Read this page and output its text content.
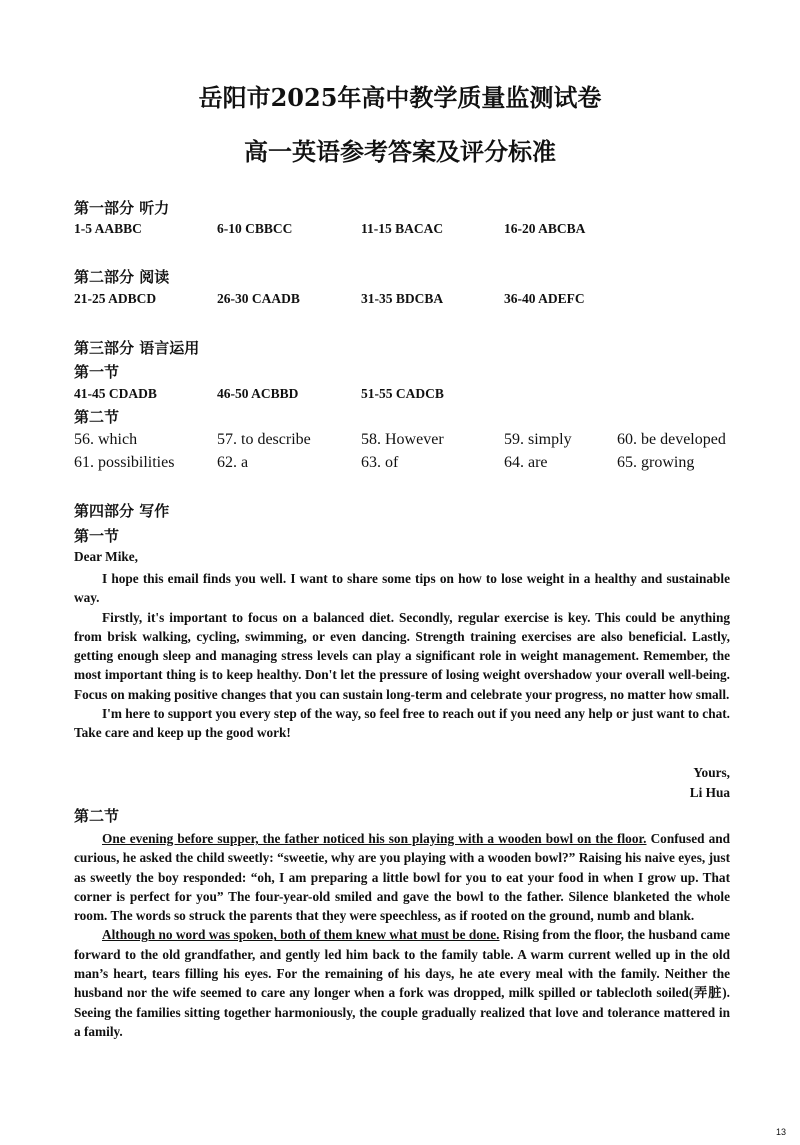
岳阳市2025年高中教学质量监测试卷
高一英语参考答案及评分标准
第一部分 听力
1-5 AABBC	6-10 CBBCC	11-15 BACAC	16-20 ABCBA
第二部分 阅读
21-25 ADBCD	26-30 CAADB	31-35 BDCBA	36-40 ADEFC
第三部分 语言运用
第一节
41-45 CDADB	46-50 ACBBD	51-55 CADCB
第二节
56. which	57. to describe	58. However	59. simply	60. be developed
61. possibilities	62. a	63. of	64. are	65. growing
第四部分 写作
第一节
Dear Mike,

I hope this email finds you well. I want to share some tips on how to lose weight in a healthy and sustainable way.

Firstly, it's important to focus on a balanced diet. Secondly, regular exercise is key. This could be anything from brisk walking, cycling, swimming, or even dancing. Strength training exercises are also beneficial. Lastly, getting enough sleep and managing stress levels can play a significant role in weight management. Remember, the most important thing is to keep healthy. Don't let the pressure of losing weight overshadow your overall well-being. Focus on making positive changes that you can sustain long-term and celebrate your progress, no matter how small.

I'm here to support you every step of the way, so feel free to reach out if you need any help or just want to chat. Take care and keep up the good work!

Yours,
Li Hua
第二节

One evening before supper, the father noticed his son playing with a wooden bowl on the floor. Confused and curious, he asked the child sweetly: “sweetie, why are you playing with a wooden bowl?” Raising his naive eyes, just as sweetly the boy responded: “oh, I am preparing a little bowl for you to eat your food in when I grow up. That corner is perfect for you” The four-year-old smiled and gave the bowl to the father. Silence blanketed the whole room. The words so struck the parents that they were speechless, as if rooted on the ground, numb and blank.

Although no word was spoken, both of them knew what must be done. Rising from the floor, the husband came forward to the old grandfather, and gently led him back to the family table. A warm current welled up in the old man’s heart, tears filling his eyes. For the remaining of his days, he ate every meal with the family. Neither the husband nor the wife seemed to care any longer when a fork was dropped, milk spilled or tablecloth soiled(弄脏). Seeing the families sitting together harmoniously, the couple gradually realized that love and tolerance mattered in a family.

13
